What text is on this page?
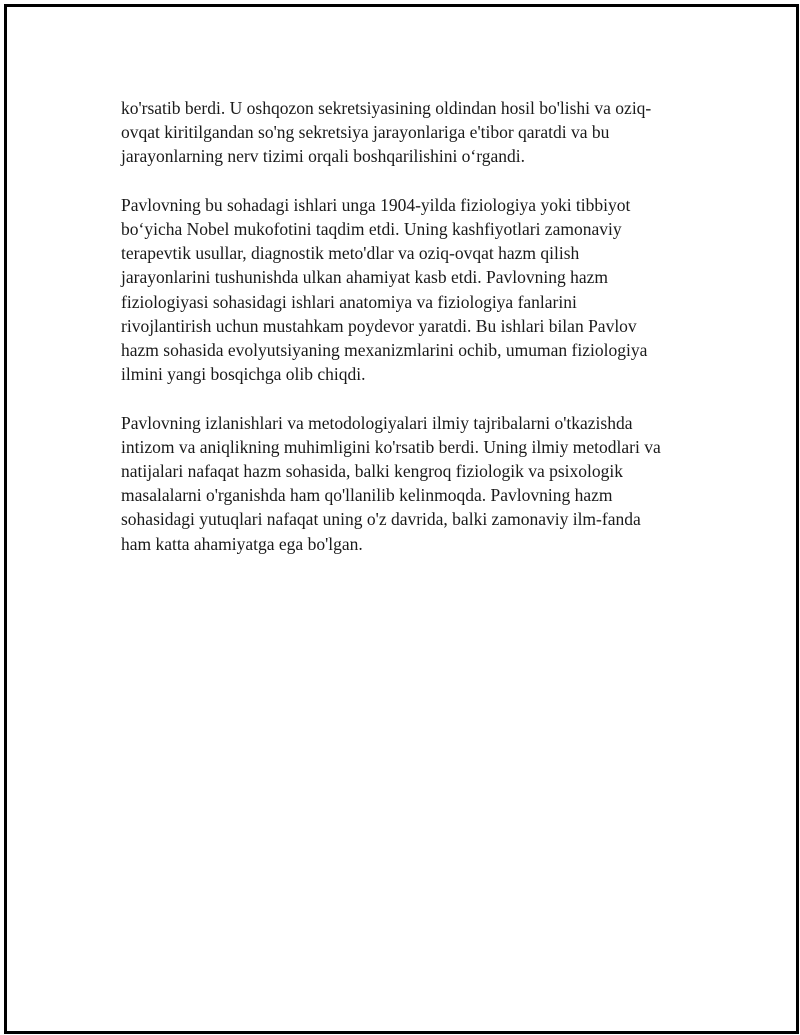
ko'rsatib berdi. U oshqozon sekretsiyasining oldindan hosil bo'lishi va oziq-
ovqat kiritilgandan so'ng sekretsiya jarayonlariga e'tibor qaratdi va bu
jarayonlarning nerv tizimi orqali boshqarilishini o‘rgandi.

Pavlovning bu sohadagi ishlari unga 1904-yilda fiziologiya yoki tibbiyot
bo‘yicha Nobel mukofotini taqdim etdi. Uning kashfiyotlari zamonaviy
terapevtik usullar, diagnostik meto'dlar va oziq-ovqat hazm qilish
jarayonlarini tushunishda ulkan ahamiyat kasb etdi. Pavlovning hazm
fiziologiyasi sohasidagi ishlari anatomiya va fiziologiya fanlarini
rivojlantirish uchun mustahkam poydevor yaratdi. Bu ishlari bilan Pavlov
hazm sohasida evolyutsiyaning mexanizmlarini ochib, umuman fiziologiya
ilmini yangi bosqichga olib chiqdi.

Pavlovning izlanishlari va metodologiyalari ilmiy tajribalarni o'tkazishda
intizom va aniqlikning muhimligini ko'rsatib berdi. Uning ilmiy metodlari va
natijalari nafaqat hazm sohasida, balki kengroq fiziologik va psixologik
masalalarni o'rganishda ham qo'llanilib kelinmoqda. Pavlovning hazm
sohasidagi yutuqlari nafaqat uning o'z davrida, balki zamonaviy ilm-fanda
ham katta ahamiyatga ega bo'lgan.
